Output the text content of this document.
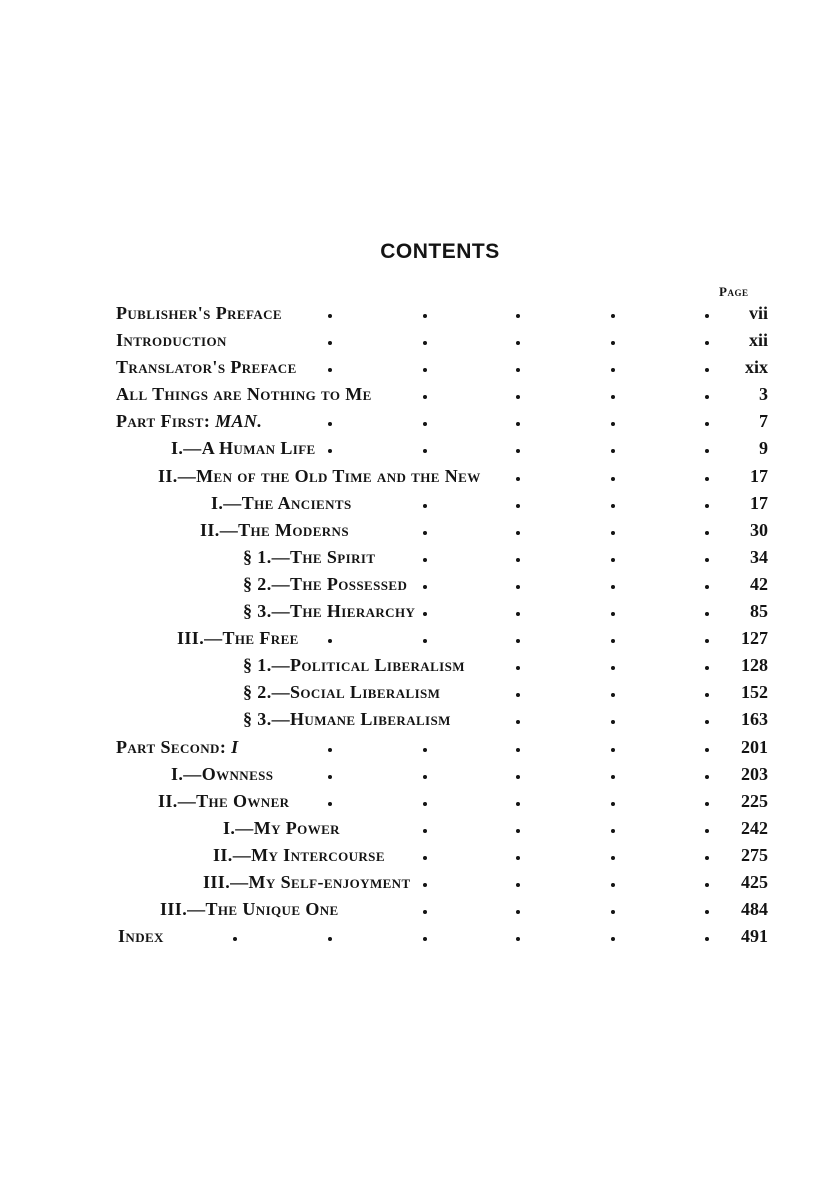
CONTENTS
Page
Publisher's Preface	vii
Introduction	xii
Translator's Preface	xix
All Things are Nothing to Me	3
Part First: MAN.	7
I.—A Human Life	9
II.—Men of the Old Time and the New	17
I.—The Ancients	17
II.—The Moderns	30
§ 1.—The Spirit	34
§ 2.—The Possessed	42
§ 3.—The Hierarchy	85
III.—The Free	127
§ 1.—Political Liberalism	128
§ 2.—Social Liberalism	152
§ 3.—Humane Liberalism	163
Part Second: I	201
I.—Ownness	203
II.—The Owner	225
I.—My Power	242
II.—My Intercourse	275
III.—My Self-enjoyment	425
III.—The Unique One	484
Index	491
